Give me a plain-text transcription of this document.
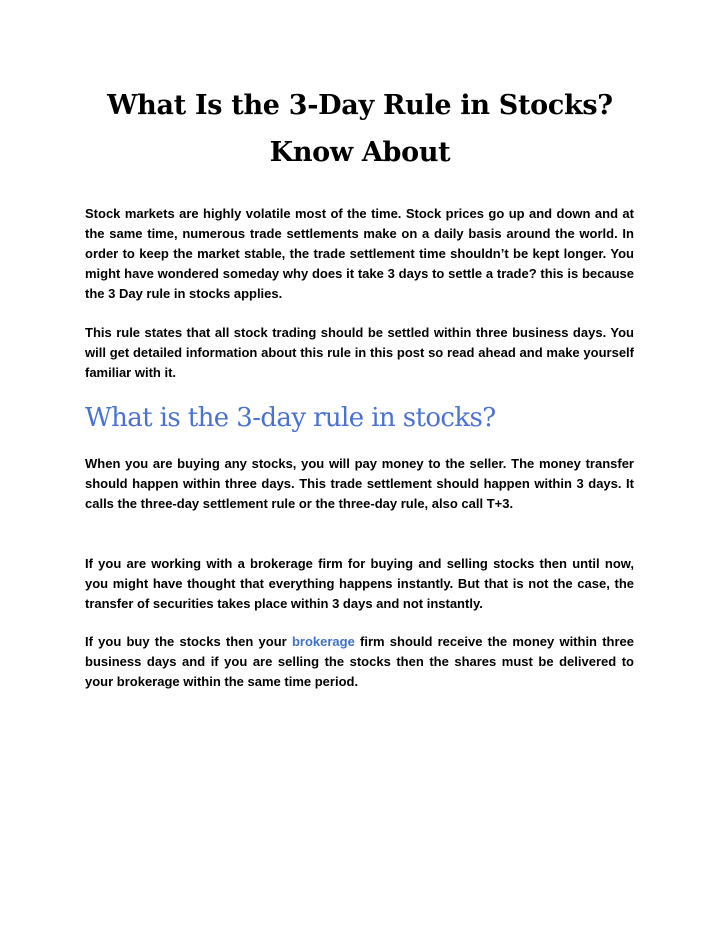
What Is the 3-Day Rule in Stocks?
Know About

Stock markets are highly volatile most of the time. Stock prices go up and down and at the same time, numerous trade settlements make on a daily basis around the world. In order to keep the market stable, the trade settlement time shouldn’t be kept longer. You might have wondered someday why does it take 3 days to settle a trade? this is because the 3 Day rule in stocks applies.

This rule states that all stock trading should be settled within three business days. You will get detailed information about this rule in this post so read ahead and make yourself familiar with it.

What is the 3-day rule in stocks?

When you are buying any stocks, you will pay money to the seller. The money transfer should happen within three days. This trade settlement should happen within 3 days. It calls the three-day settlement rule or the three-day rule, also call T+3.

If you are working with a brokerage firm for buying and selling stocks then until now, you might have thought that everything happens instantly. But that is not the case, the transfer of securities takes place within 3 days and not instantly.

If you buy the stocks then your brokerage firm should receive the money within three business days and if you are selling the stocks then the shares must be delivered to your brokerage within the same time period.
